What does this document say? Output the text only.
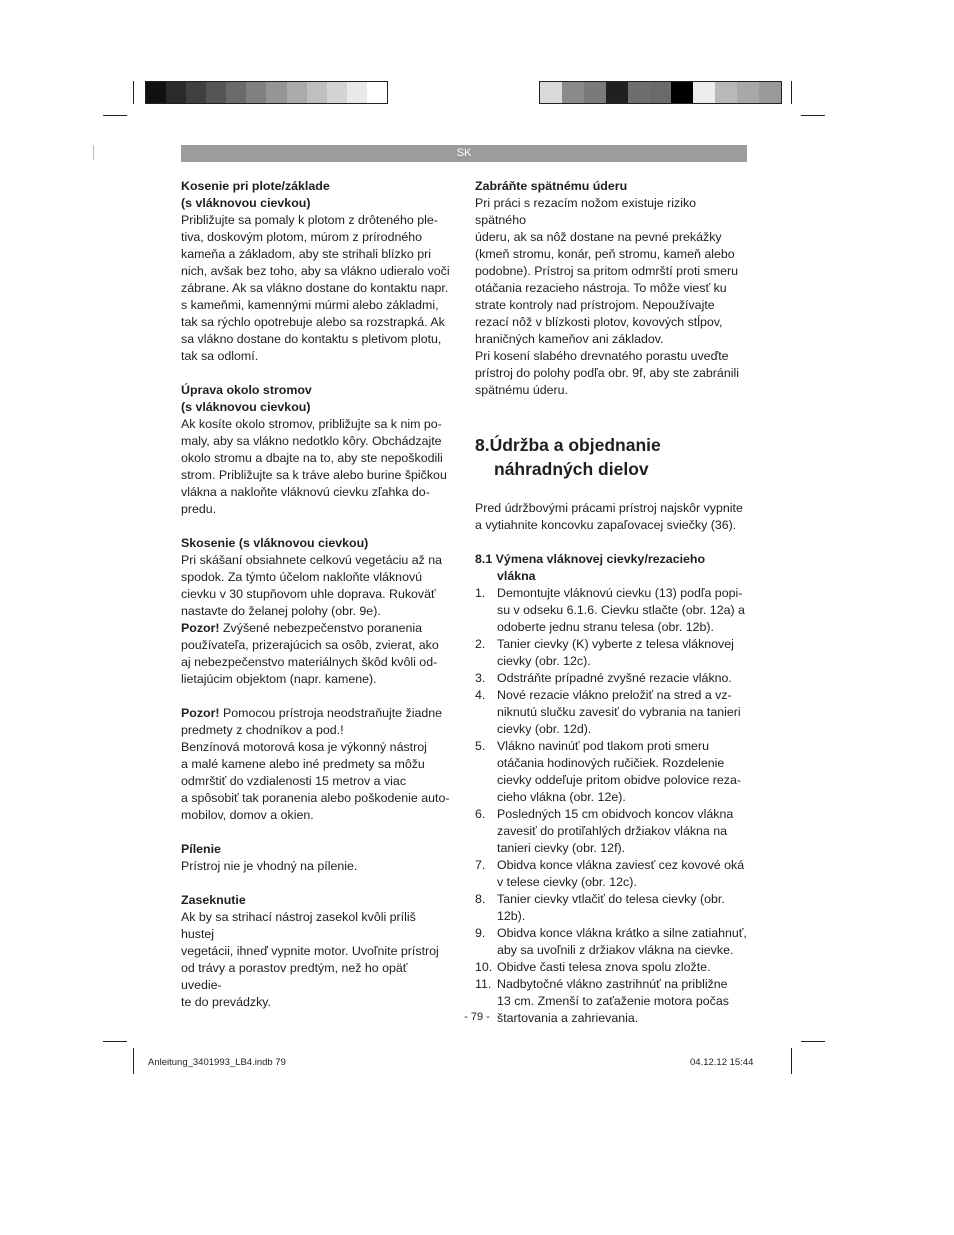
SK

Kosenie pri plote/základe

(s vláknovou cievkou)

Približujte sa pomaly k plotom z drôteného ple-
tiva, doskovým plotom, múrom z prírodného
kameňa a základom, aby ste strihali blízko pri
nich, avšak bez toho, aby sa vlákno udieralo voči
zábrane. Ak sa vlákno dostane do kontaktu napr.
s kameňmi, kamennými múrmi alebo základmi,
tak sa rýchlo opotrebuje alebo sa rozstrapká. Ak
sa vlákno dostane do kontaktu s pletivom plotu,
tak sa odlomí.

Úprava okolo stromov

(s vláknovou cievkou)

Ak kosíte okolo stromov, približujte sa k nim po-
maly, aby sa vlákno nedotklo kôry. Obchádzajte
okolo stromu a dbajte na to, aby ste nepoškodili
strom. Približujte sa k tráve alebo burine špičkou
vlákna a nakloňte vláknovú cievku zľahka do-
predu.

Skosenie (s vláknovou cievkou)

Pri skášaní obsiahnete celkovú vegetáciu až na
spodok. Za týmto účelom nakloňte vláknovú
cievku v 30 stupňovom uhle doprava. Rukoväť
nastavte do želanej polohy (obr. 9e).

Pozor! Zvýšené nebezpečenstvo poranenia

používateľa, prizerajúcich sa osôb, zvierat, ako
aj nebezpečenstvo materiálnych škôd kvôli od-
lietajúcim objektom (napr. kamene).

Pozor! Pomocou prístroja neodstraňujte žiadne

predmety z chodníkov a pod.!
Benzínová motorová kosa je výkonný nástroj
a malé kamene alebo iné predmety sa môžu
odmrštiť do vzdialenosti 15 metrov a viac
a spôsobiť tak poranenia alebo poškodenie auto-
mobilov, domov a okien.

Pílenie

Prístroj nie je vhodný na pílenie.

Zaseknutie

Ak by sa strihací nástroj zasekol kvôli príliš hustej
vegetácii, ihneď vypnite motor. Uvoľnite prístroj
od trávy a porastov predtým, než ho opäť uvedie-
te do prevádzky.

Zabráňte spätnému úderu

Pri práci s rezacím nožom existuje riziko spätného
úderu, ak sa nôž dostane na pevné prekážky
(kmeň stromu, konár, peň stromu, kameň alebo
podobne). Prístroj sa pritom odmrští proti smeru
otáčania rezacieho nástroja. To môže viesť ku
strate kontroly nad prístrojom. Nepoužívajte
rezací nôž v blízkosti plotov, kovových stĺpov,
hraničných kameňov ani základov.
Pri kosení slabého drevnatého porastu uveďte
prístroj do polohy podľa obr. 9f, aby ste zabránili
spätnému úderu.

8.Údržba a objednanie
náhradných dielov

Pred údržbovými prácami prístroj najskôr vypnite
a vytiahnite koncovku zapaľovacej sviečky (36).

8.1 Výmena vláknovej cievky/rezacieho
vlákna

1. Demontujte vláknovú cievku (13) podľa popi-
su v odseku 6.1.6. Cievku stlačte (obr. 12a) a
odoberte jednu stranu telesa (obr. 12b).
2. Tanier cievky (K) vyberte z telesa vláknovej
cievky (obr. 12c).
3. Odstráňte prípadné zvyšné rezacie vlákno.
4. Nové rezacie vlákno preložiť na stred a vz-
niknutú slučku zavesiť do vybrania na tanieri
cievky (obr. 12d).
5. Vlákno navinúť pod tlakom proti smeru
otáčania hodinových ručičiek. Rozdelenie
cievky oddeľuje pritom obidve polovice reza-
cieho vlákna (obr. 12e).
6. Posledných 15 cm obidvoch koncov vlákna
zavesiť do protiľahlých držiakov vlákna na
tanieri cievky (obr. 12f).
7. Obidva konce vlákna zaviesť cez kovové oká
v telese cievky (obr. 12c).
8. Tanier cievky vtlačiť do telesa cievky (obr.
12b).
9. Obidva konce vlákna krátko a silne zatiahnuť,
aby sa uvoľnili z držiakov vlákna na cievke.
10. Obidve časti telesa znova spolu zložte.
11. Nadbytočné vlákno zastrihnúť na približne
13 cm. Zmenší to zaťaženie motora počas
štartovania a zahrievania.
- 79 -
Anleitung_3401993_LB4.indb 79	04.12.12 15:44
